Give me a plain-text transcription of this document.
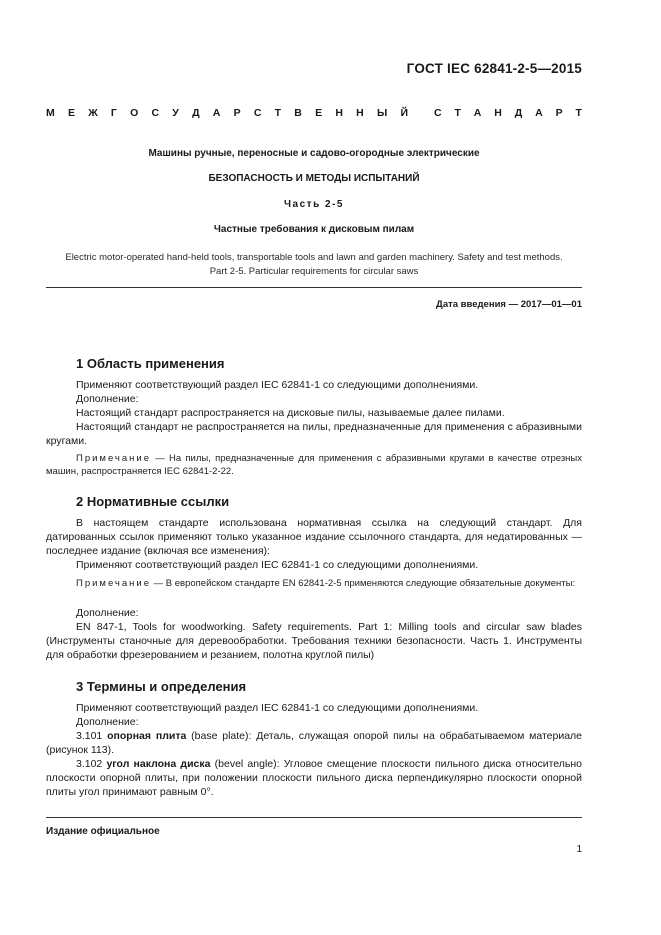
ГОСТ IEC 62841-2-5—2015
М Е Ж Г О С У Д А Р С Т В Е Н Н Ы Й С Т А Н Д А Р Т
Машины ручные, переносные и садово-огородные электрические
БЕЗОПАСНОСТЬ И МЕТОДЫ ИСПЫТАНИЙ
Часть 2-5
Частные требования к дисковым пилам
Electric motor-operated hand-held tools, transportable tools and lawn and garden machinery. Safety and test methods.
Part 2-5. Particular requirements for circular saws
Дата введения — 2017—01—01
1 Область применения
Применяют соответствующий раздел IEC 62841-1 со следующими дополнениями.
Дополнение:
Настоящий стандарт распространяется на дисковые пилы, называемые далее пилами.
Настоящий стандарт не распространяется на пилы, предназначенные для применения с абразивными кругами.
Примечание — На пилы, предназначенные для применения с абразивными кругами в качестве отрезных машин, распространяется IEC 62841-2-22.
2 Нормативные ссылки
В настоящем стандарте использована нормативная ссылка на следующий стандарт. Для датированных ссылок применяют только указанное издание ссылочного стандарта, для недатированных — последнее издание (включая все изменения):
Применяют соответствующий раздел IEC 62841-1 со следующими дополнениями.
Примечание — В европейском стандарте EN 62841-2-5 применяются следующие обязательные документы:
Дополнение:
EN 847-1, Tools for woodworking. Safety requirements. Part 1: Milling tools and circular saw blades (Инструменты станочные для деревообработки. Требования техники безопасности. Часть 1. Инструменты для обработки фрезерованием и резанием, полотна круглой пилы)
3 Термины и определения
Применяют соответствующий раздел IEC 62841-1 со следующими дополнениями.
Дополнение:
3.101 опорная плита (base plate): Деталь, служащая опорой пилы на обрабатываемом материале (рисунок 113).
3.102 угол наклона диска (bevel angle): Угловое смещение плоскости пильного диска относительно плоскости опорной плиты, при положении плоскости пильного диска перпендикулярно плоскости опорной плиты угол принимают равным 0°.
Издание официальное
1
